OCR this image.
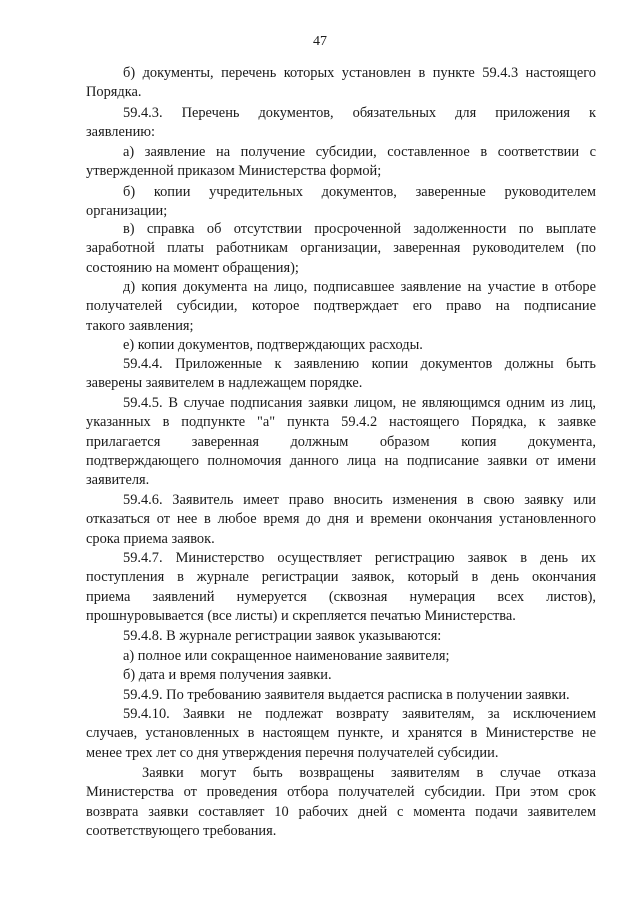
47
б) документы, перечень которых установлен в пункте 59.4.3 настоящего
Порядка.
59.4.3. Перечень документов, обязательных для приложения к
заявлению:
а) заявление на получение субсидии, составленное в соответствии с
утвержденной приказом Министерства формой;
б) копии учредительных документов, заверенные руководителем
организации;
в) справка об отсутствии просроченной задолженности по выплате
заработной платы работникам организации, заверенная руководителем (по
состоянию на момент обращения);
д) копия документа на лицо, подписавшее заявление на участие в отборе
получателей субсидии, которое подтверждает его право на подписание
такого заявления;
е) копии документов, подтверждающих расходы.
59.4.4. Приложенные к заявлению копии документов должны быть
заверены заявителем в надлежащем порядке.
59.4.5. В случае подписания заявки лицом, не являющимся одним из лиц,
указанных в подпункте "а" пункта 59.4.2 настоящего Порядка, к заявке
прилагается заверенная должным образом копия документа,
подтверждающего полномочия данного лица на подписание заявки от имени
заявителя.
59.4.6. Заявитель имеет право вносить изменения в свою заявку или
отказаться от нее в любое время до дня и времени окончания установленного
срока приема заявок.
59.4.7. Министерство осуществляет регистрацию заявок в день их
поступления в журнале регистрации заявок, который в день окончания
приема заявлений нумеруется (сквозная нумерация всех листов),
прошнуровывается (все листы) и скрепляется печатью Министерства.
59.4.8. В журнале регистрации заявок указываются:
а) полное или сокращенное наименование заявителя;
б) дата и время получения заявки.
59.4.9. По требованию заявителя выдается расписка в получении заявки.
59.4.10. Заявки не подлежат возврату заявителям, за исключением
случаев, установленных в настоящем пункте, и хранятся в Министерстве не
менее трех лет со дня утверждения перечня получателей субсидии.
Заявки могут быть возвращены заявителям в случае отказа
Министерства от проведения отбора получателей субсидии. При этом срок
возврата заявки составляет 10 рабочих дней с момента подачи заявителем
соответствующего требования.
